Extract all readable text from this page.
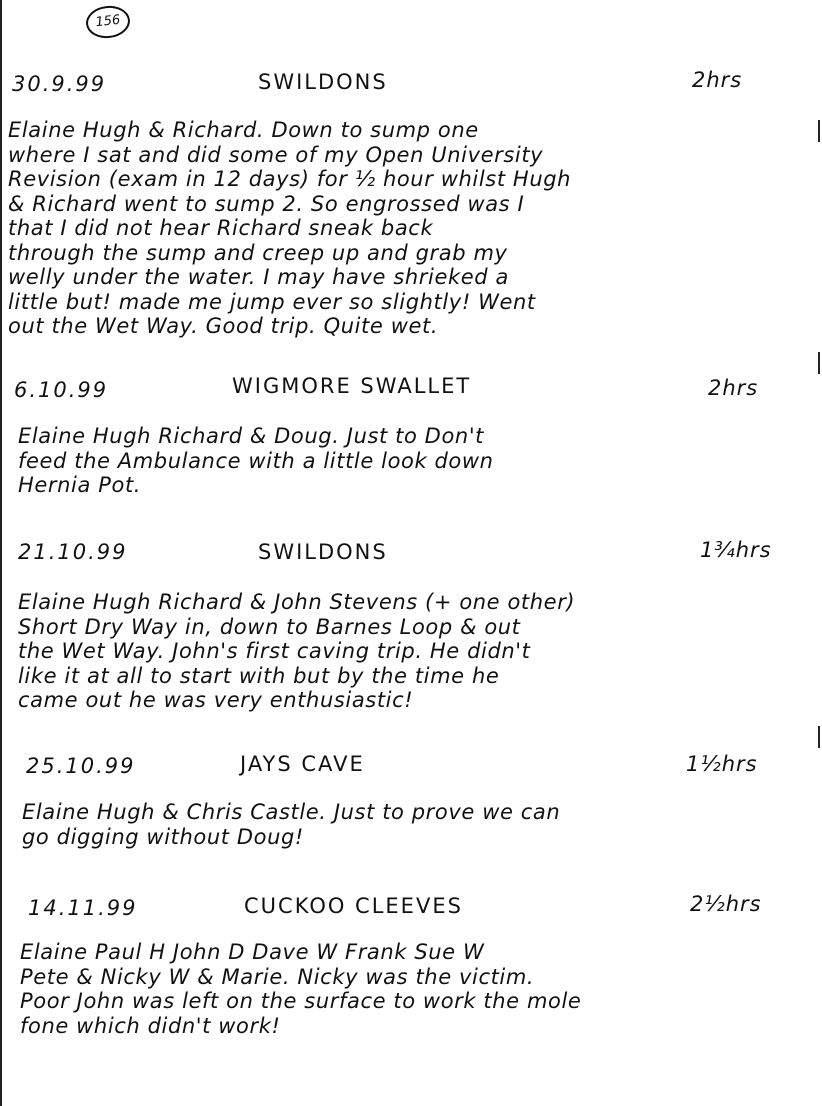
156
30.9.99	SWILDONS	2hrs
Elaine Hugh & Richard. Down to sump one
where I sat and did some of my Open University
Revision (exam in 12 days) for ½ hour whilst Hugh
& Richard went to sump 2. So engrossed was I
that I did not hear Richard sneak back
through the sump and creep up and grab my
welly under the water. I may have shrieked a
little but! made me jump ever so slightly! Went
out the Wet Way. Good trip. Quite wet.
6.10.99	WIGMORE SWALLET	2hrs
Elaine Hugh Richard & Doug. Just to Don't
feed the Ambulance with a little look down
Hernia Pot.
21.10.99	SWILDONS	1¾hrs
Elaine Hugh Richard & John Stevens (+ one other)
Short Dry Way in, down to Barnes Loop & out
the Wet Way. John's first caving trip. He didn't
like it at all to start with but by the time he
came out he was very enthusiastic!
25.10.99	JAYS CAVE	1½hrs
Elaine Hugh & Chris Castle. Just to prove we can
go digging without Doug!
14.11.99	CUCKOO CLEEVES	2½hrs
Elaine Paul H John D Dave W Frank Sue W
Pete & Nicky W & Marie. Nicky was the victim.
Poor John was left on the surface to work the mole
fone which didn't work!
